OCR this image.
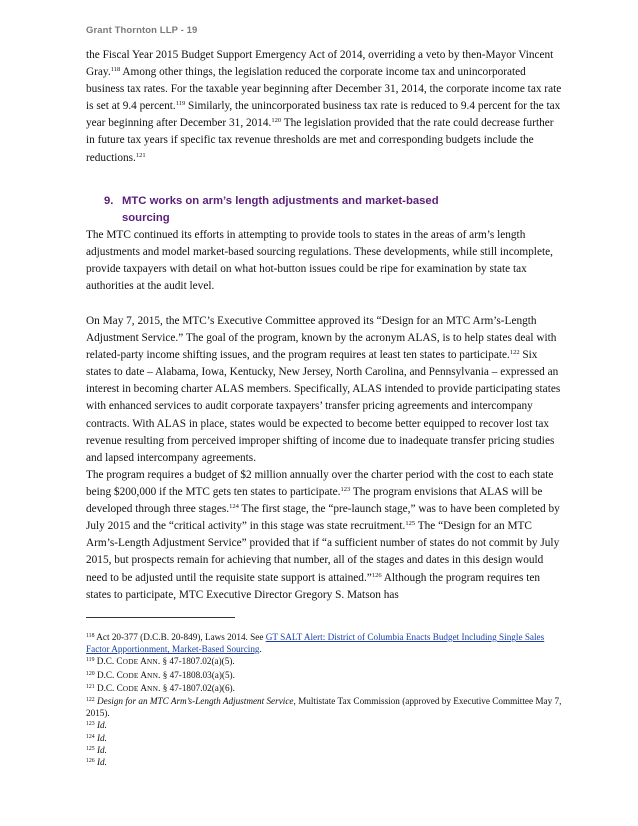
Grant Thornton LLP - 19

the Fiscal Year 2015 Budget Support Emergency Act of 2014, overriding a veto by then-Mayor Vincent Gray.$^{118}$ Among other things, the legislation reduced the corporate income tax and unincorporated business tax rates. For the taxable year beginning after December 31, 2014, the corporate income tax rate is set at 9.4 percent.$^{119}$ Similarly, the unincorporated business tax rate is reduced to 9.4 percent for the tax year beginning after December 31, 2014.$^{120}$ The legislation provided that the rate could decrease further in future tax years if specific tax revenue thresholds are met and corresponding budgets include the reductions.$^{121}$

9. MTC works on arm’s length adjustments and market-based
sourcing

The MTC continued its efforts in attempting to provide tools to states in the areas of arm’s length adjustments and model market-based sourcing regulations. These developments, while still incomplete, provide taxpayers with detail on what hot-button issues could be ripe for examination by state tax authorities at the audit level.

On May 7, 2015, the MTC’s Executive Committee approved its “Design for an MTC Arm’s-Length Adjustment Service.” The goal of the program, known by the acronym ALAS, is to help states deal with related-party income shifting issues, and the program requires at least ten states to participate.$^{122}$ Six states to date – Alabama, Iowa, Kentucky, New Jersey, North Carolina, and Pennsylvania – expressed an interest in becoming charter ALAS members. Specifically, ALAS intended to provide participating states with enhanced services to audit corporate taxpayers’ transfer pricing agreements and intercompany contracts. With ALAS in place, states would be expected to become better equipped to recover lost tax revenue resulting from perceived improper shifting of income due to inadequate transfer pricing studies and lapsed intercompany agreements.

The program requires a budget of $2 million annually over the charter period with the cost to each state being $200,000 if the MTC gets ten states to participate.$^{123}$ The program envisions that ALAS will be developed through three stages.$^{124}$ The first stage, the “pre-launch stage,” was to have been completed by July 2015 and the “critical activity” in this stage was state recruitment.$^{125}$ The “Design for an MTC Arm’s-Length Adjustment Service” provided that if “a sufficient number of states do not commit by July 2015, but prospects remain for achieving that number, all of the stages and dates in this design would need to be adjusted until the requisite state support is attained.”$^{126}$ Although the program requires ten states to participate, MTC Executive Director Gregory S. Matson has

$^{118}$ Act 20-377 (D.C.B. 20-849), Laws 2014. See GT SALT Alert: District of Columbia Enacts Budget Including Single Sales Factor Apportionment, Market-Based Sourcing.

$^{119}$ D.C. CODE ANN. § 47-1807.02(a)(5).

$^{120}$ D.C. CODE ANN. § 47-1808.03(a)(5).

$^{121}$ D.C. CODE ANN. § 47-1807.02(a)(6).

$^{122}$ Design for an MTC Arm’s-Length Adjustment Service, Multistate Tax Commission (approved by Executive Committee May 7, 2015).

$^{123}$ Id.

$^{124}$ Id.

$^{125}$ Id.

$^{126}$ Id.
